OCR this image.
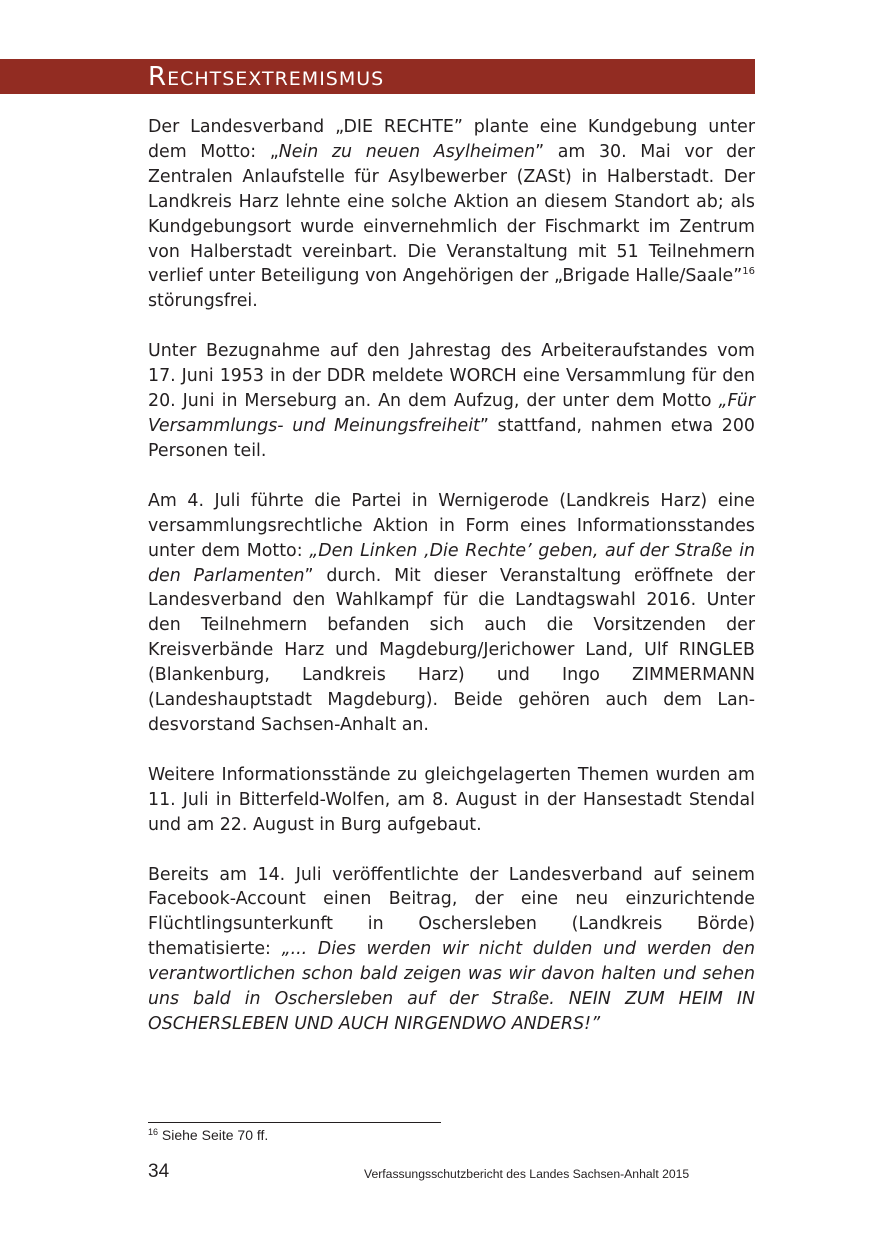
RECHTSEXTREMISMUS

Der Landesverband „DIE RECHTE” plante eine Kundgebung unter dem Motto: „Nein zu neuen Asylheimen” am 30. Mai vor der Zentralen Anlaufstelle für Asylbewerber (ZASt) in Halberstadt. Der Landkreis Harz lehnte eine solche Aktion an diesem Standort ab; als Kundgebungsort wurde einvernehmlich der Fischmarkt im Zentrum von Halberstadt vereinbart. Die Veranstaltung mit 51 Teilnehmern verlief unter Beteiligung von Angehörigen der „Brigade Halle/Saale”$^{16}$ störungsfrei.

Unter Bezugnahme auf den Jahrestag des Arbeiteraufstandes vom 17. Juni 1953 in der DDR meldete WORCH eine Versammlung für den 20. Juni in Merseburg an. An dem Aufzug, der unter dem Motto „Für Versammlungs- und Meinungsfreiheit” stattfand, nahmen etwa 200 Personen teil.

Am 4. Juli führte die Partei in Wernigerode (Landkreis Harz) eine versammlungsrechtliche Aktion in Form eines Informationsstandes unter dem Motto: „Den Linken ‚Die Rechte’ geben, auf der Straße in den Parlamenten” durch. Mit dieser Veranstaltung eröffnete der Landesverband den Wahlkampf für die Landtagswahl 2016. Unter den Teilnehmern befanden sich auch die Vorsitzenden der Kreisverbände Harz und Magdeburg/Jerichower Land, Ulf RINGLEB (Blankenburg, Landkreis Harz) und Ingo ZIMMERMANN (Landeshauptstadt Magdeburg). Beide gehören auch dem Landesvorstand Sachsen-Anhalt an.

Weitere Informationsstände zu gleichgelagerten Themen wurden am 11. Juli in Bitterfeld-Wolfen, am 8. August in der Hansestadt Stendal und am 22. August in Burg aufgebaut.

Bereits am 14. Juli veröffentlichte der Landesverband auf seinem Facebook-Account einen Beitrag, der eine neu einzurichtende Flüchtlingsunterkunft in Oschersleben (Landkreis Börde) thematisierte: „... Dies werden wir nicht dulden und werden den verantwortlichen schon bald zeigen was wir davon halten und sehen uns bald in Oschersleben auf der Straße. NEIN ZUM HEIM IN OSCHERSLEBEN UND AUCH NIRGENDWO ANDERS!”

$^{16}$ Siehe Seite 70 ff.
34	Verfassungsschutzbericht des Landes Sachsen-Anhalt 2015
